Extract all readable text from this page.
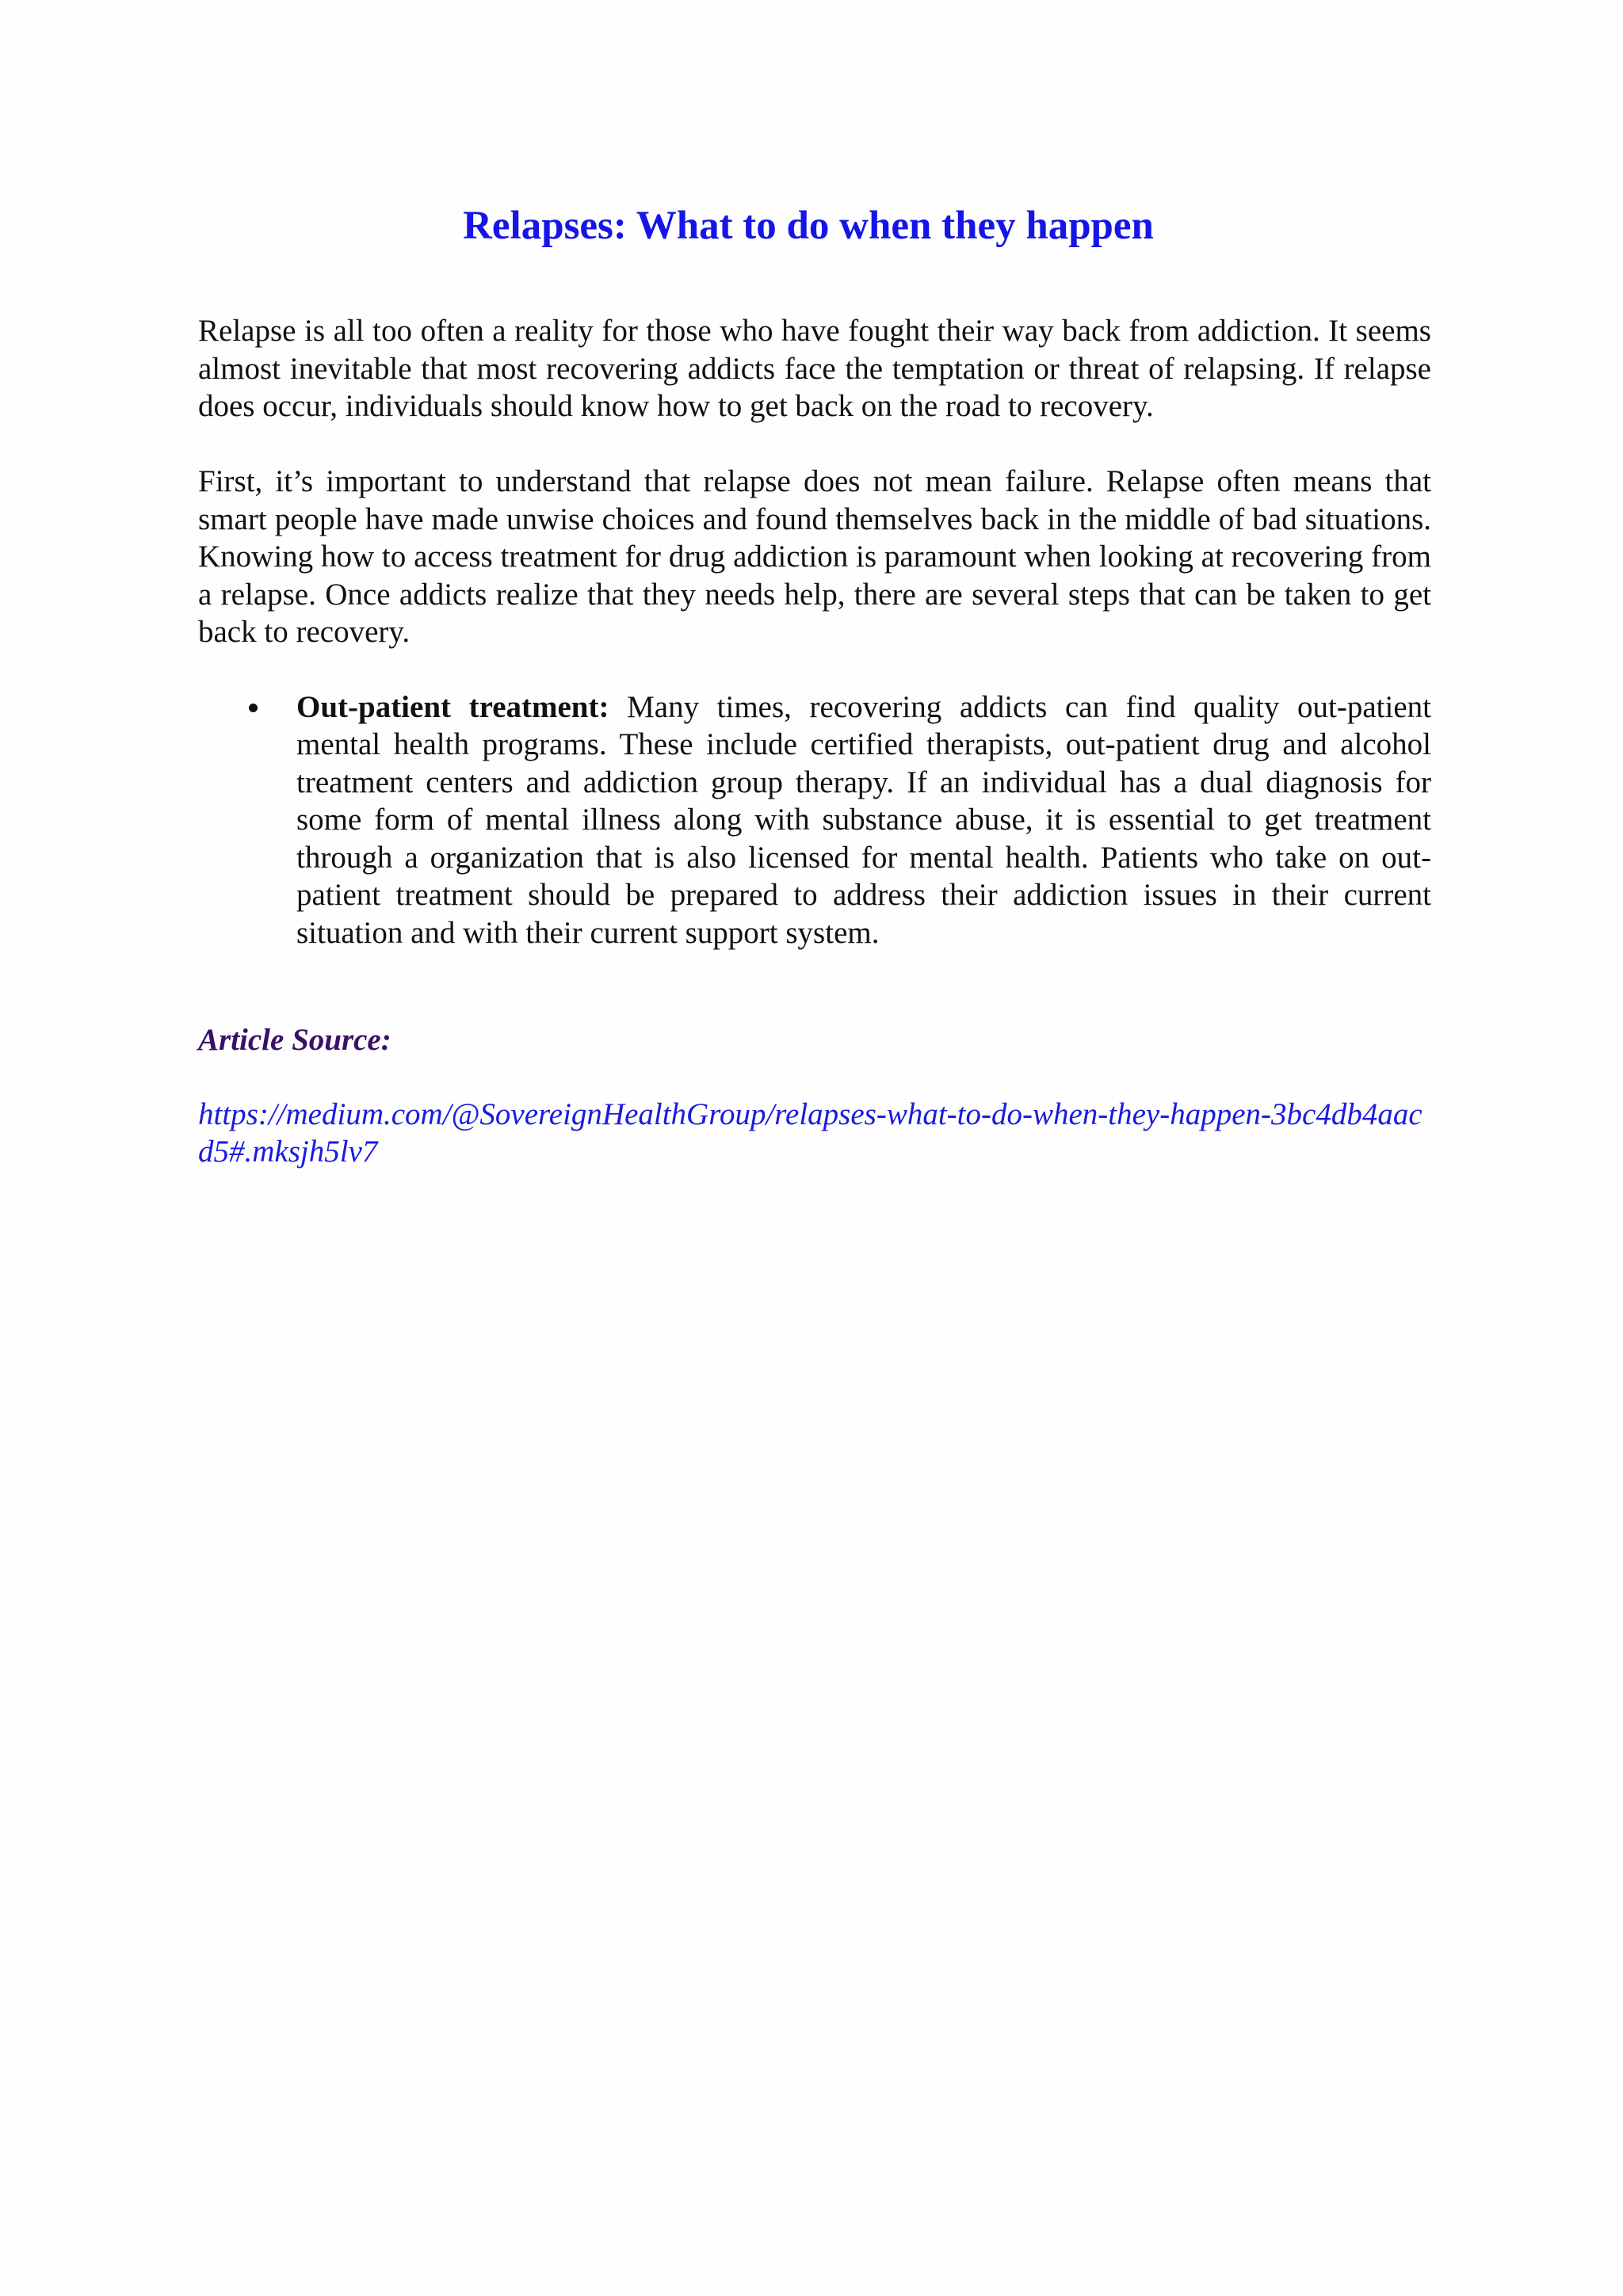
Relapses: What to do when they happen

Relapse is all too often a reality for those who have fought their way back from addiction. It seems almost inevitable that most recovering addicts face the temptation or threat of relapsing. If relapse does occur, individuals should know how to get back on the road to recovery.

First, it’s important to understand that relapse does not mean failure. Relapse often means that smart people have made unwise choices and found themselves back in the middle of bad situations. Knowing how to access treatment for drug addiction is paramount when looking at recovering from a relapse. Once addicts realize that they needs help, there are several steps that can be taken to get back to recovery.

Out-patient treatment: Many times, recovering addicts can find quality out-patient mental health programs. These include certified therapists, out-patient drug and alcohol treatment centers and addiction group therapy. If an individual has a dual diagnosis for some form of mental illness along with substance abuse, it is essential to get treatment through a organization that is also licensed for mental health. Patients who take on out-patient treatment should be prepared to address their addiction issues in their current situation and with their current support system.

Article Source:

https://medium.com/@SovereignHealthGroup/relapses-what-to-do-when-they-happen-3bc4db4aacd5#.mksjh5lv7
